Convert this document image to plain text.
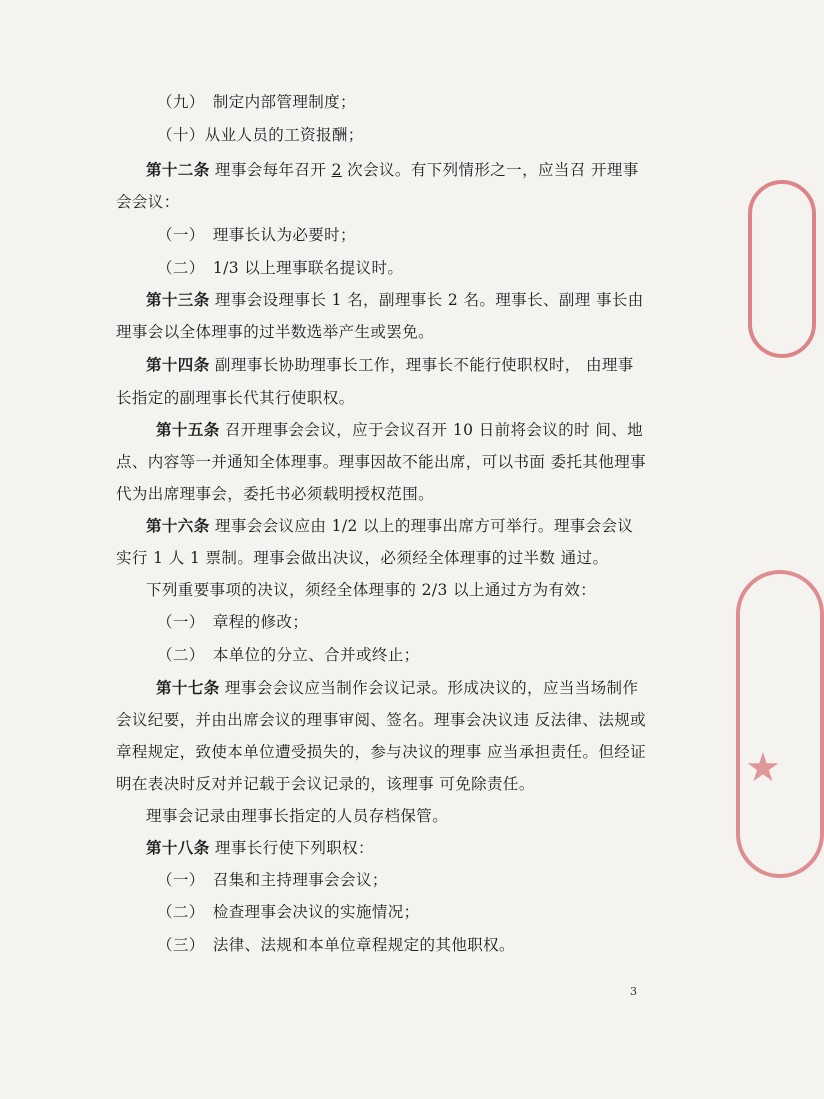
★
（九）　制定内部管理制度；
（十）从业人员的工资报酬；
第十二条 理事会每年召开 2 次会议。有下列情形之一，应当召 开理事
会会议：
（一）　理事长认为必要时；
（二）　1/3 以上理事联名提议时。
第十三条 理事会设理事长 1 名，副理事长 2 名。理事长、副理 事长由
理事会以全体理事的过半数选举产生或罢免。
第十四条 副理事长协助理事长工作，理事长不能行使职权时， 由理事
长指定的副理事长代其行使职权。
第十五条 召开理事会会议，应于会议召开 10 日前将会议的时 间、地
点、内容等一并通知全体理事。理事因故不能出席，可以书面 委托其他理事
代为出席理事会，委托书必须载明授权范围。
第十六条 理事会会议应由 1/2 以上的理事出席方可举行。理事会会议
实行 1 人 1 票制。理事会做出决议，必须经全体理事的过半数 通过。
下列重要事项的决议，须经全体理事的 2/3 以上通过方为有效：
（一）　章程的修改；
（二）　本单位的分立、合并或终止；
第十七条 理事会会议应当制作会议记录。形成决议的，应当当场制作
会议纪要，并由出席会议的理事审阅、签名。理事会决议违 反法律、法规或
章程规定，致使本单位遭受损失的，参与决议的理事 应当承担责任。但经证
明在表决时反对并记载于会议记录的，该理事 可免除责任。
理事会记录由理事长指定的人员存档保管。
第十八条 理事长行使下列职权：
（一）　召集和主持理事会会议；
（二）　检查理事会决议的实施情况；
（三）　法律、法规和本单位章程规定的其他职权。
3
